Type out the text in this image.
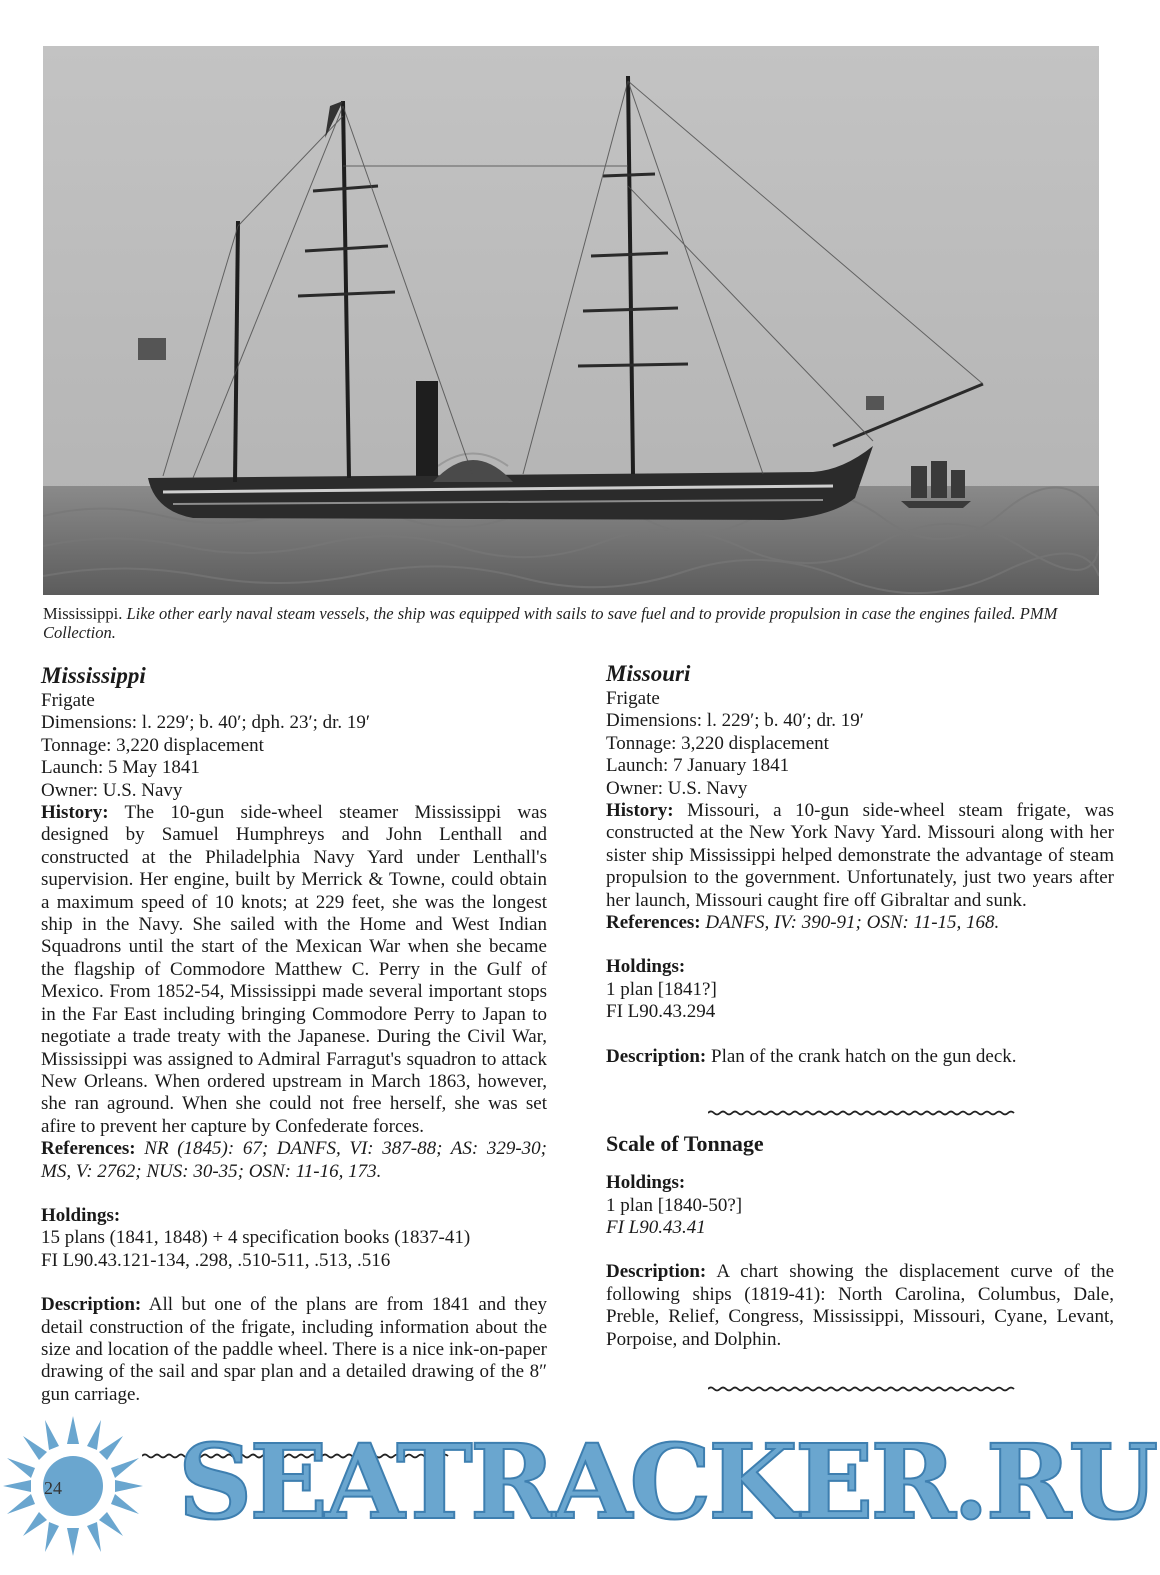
Mississippi. Like other early naval steam vessels, the ship was equipped with sails to save fuel and to provide propulsion in case the engines failed. PMM Collection.
Mississippi
Frigate
Dimensions: l. 229′; b. 40′; dph. 23′; dr. 19′
Tonnage: 3,220 displacement
Launch: 5 May 1841
Owner: U.S. Navy
History: The 10-gun side-wheel steamer Mississippi was designed by Samuel Humphreys and John Lenthall and constructed at the Philadelphia Navy Yard under Lenthall's supervision. Her engine, built by Merrick & Towne, could obtain a maximum speed of 10 knots; at 229 feet, she was the longest ship in the Navy. She sailed with the Home and West Indian Squadrons until the start of the Mexican War when she became the flagship of Commodore Matthew C. Perry in the Gulf of Mexico. From 1852-54, Mississippi made several important stops in the Far East including bringing Commodore Perry to Japan to negotiate a trade treaty with the Japanese. During the Civil War, Mississippi was assigned to Admiral Farragut's squadron to attack New Orleans. When ordered upstream in March 1863, however, she ran aground. When she could not free herself, she was set afire to prevent her capture by Confederate forces.
References: NR (1845): 67; DANFS, VI: 387-88; AS: 329-30; MS, V: 2762; NUS: 30-35; OSN: 11-16, 173.
Holdings:
15 plans (1841, 1848) + 4 specification books (1837-41)
FI L90.43.121-134, .298, .510-511, .513, .516
Description: All but one of the plans are from 1841 and they detail construction of the frigate, including information about the size and location of the paddle wheel. There is a nice ink-on-paper drawing of the sail and spar plan and a detailed drawing of the 8″ gun carriage.
Missouri
Frigate
Dimensions: l. 229′; b. 40′; dr. 19′
Tonnage: 3,220 displacement
Launch: 7 January 1841
Owner: U.S. Navy
History: Missouri, a 10-gun side-wheel steam frigate, was constructed at the New York Navy Yard. Missouri along with her sister ship Mississippi helped demonstrate the advantage of steam propulsion to the government. Unfortunately, just two years after her launch, Missouri caught fire off Gibraltar and sunk.
References: DANFS, IV: 390-91; OSN: 11-15, 168.
Holdings:
1 plan [1841?]
FI L90.43.294
Description: Plan of the crank hatch on the gun deck.
Scale of Tonnage
Holdings:
1 plan [1840-50?]
FI L90.43.41
Description: A chart showing the displacement curve of the following ships (1819-41): North Carolina, Columbus, Dale, Preble, Relief, Congress, Mississippi, Missouri, Cyane, Levant, Porpoise, and Dolphin.
24 SEATRACKER.RU
